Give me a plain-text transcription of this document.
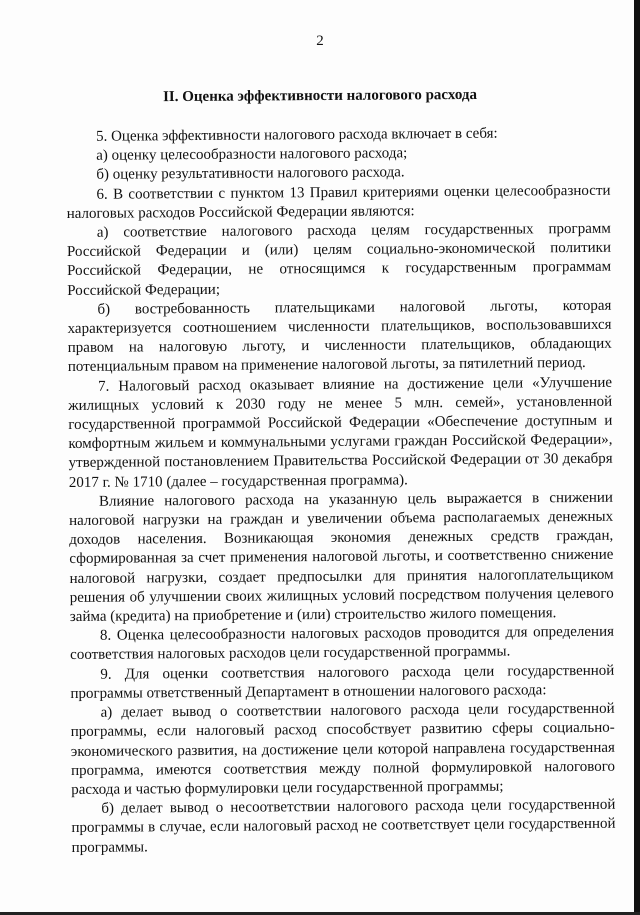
2
II. Оценка эффективности налогового расхода

5. Оценка эффективности налогового расхода включает в себя:

а) оценку целесообразности налогового расхода;

б) оценку результативности налогового расхода.

6. В соответствии с пунктом 13 Правил критериями оценки целесообразности налоговых расходов Российской Федерации являются:

а) соответствие налогового расхода целям государственных программ Российской Федерации и (или) целям социально-экономической политики Российской Федерации, не относящимся к государственным программам Российской Федерации;

б) востребованность плательщиками налоговой льготы, которая характеризуется соотношением численности плательщиков, воспользовавшихся правом на налоговую льготу, и численности плательщиков, обладающих потенциальным правом на применение налоговой льготы, за пятилетний период.

7. Налоговый расход оказывает влияние на достижение цели «Улучшение жилищных условий к 2030 году не менее 5 млн. семей», установленной государственной программой Российской Федерации «Обеспечение доступным и комфортным жильем и коммунальными услугами граждан Российской Федерации», утвержденной постановлением Правительства Российской Федерации от 30 декабря 2017 г. № 1710 (далее – государственная программа).

Влияние налогового расхода на указанную цель выражается в снижении налоговой нагрузки на граждан и увеличении объема располагаемых денежных доходов населения. Возникающая экономия денежных средств граждан, сформированная за счет применения налоговой льготы, и соответственно снижение налоговой нагрузки, создает предпосылки для принятия налогоплательщиком решения об улучшении своих жилищных условий посредством получения целевого займа (кредита) на приобретение и (или) строительство жилого помещения.

8. Оценка целесообразности налоговых расходов проводится для определения соответствия налоговых расходов цели государственной программы.

9. Для оценки соответствия налогового расхода цели государственной программы ответственный Департамент в отношении налогового расхода:

а) делает вывод о соответствии налогового расхода цели государственной программы, если налоговый расход способствует развитию сферы социально-экономического развития, на достижение цели которой направлена государственная программа, имеются соответствия между полной формулировкой налогового расхода и частью формулировки цели государственной программы;

б) делает вывод о несоответствии налогового расхода цели государственной программы в случае, если налоговый расход не соответствует цели государственной программы.
